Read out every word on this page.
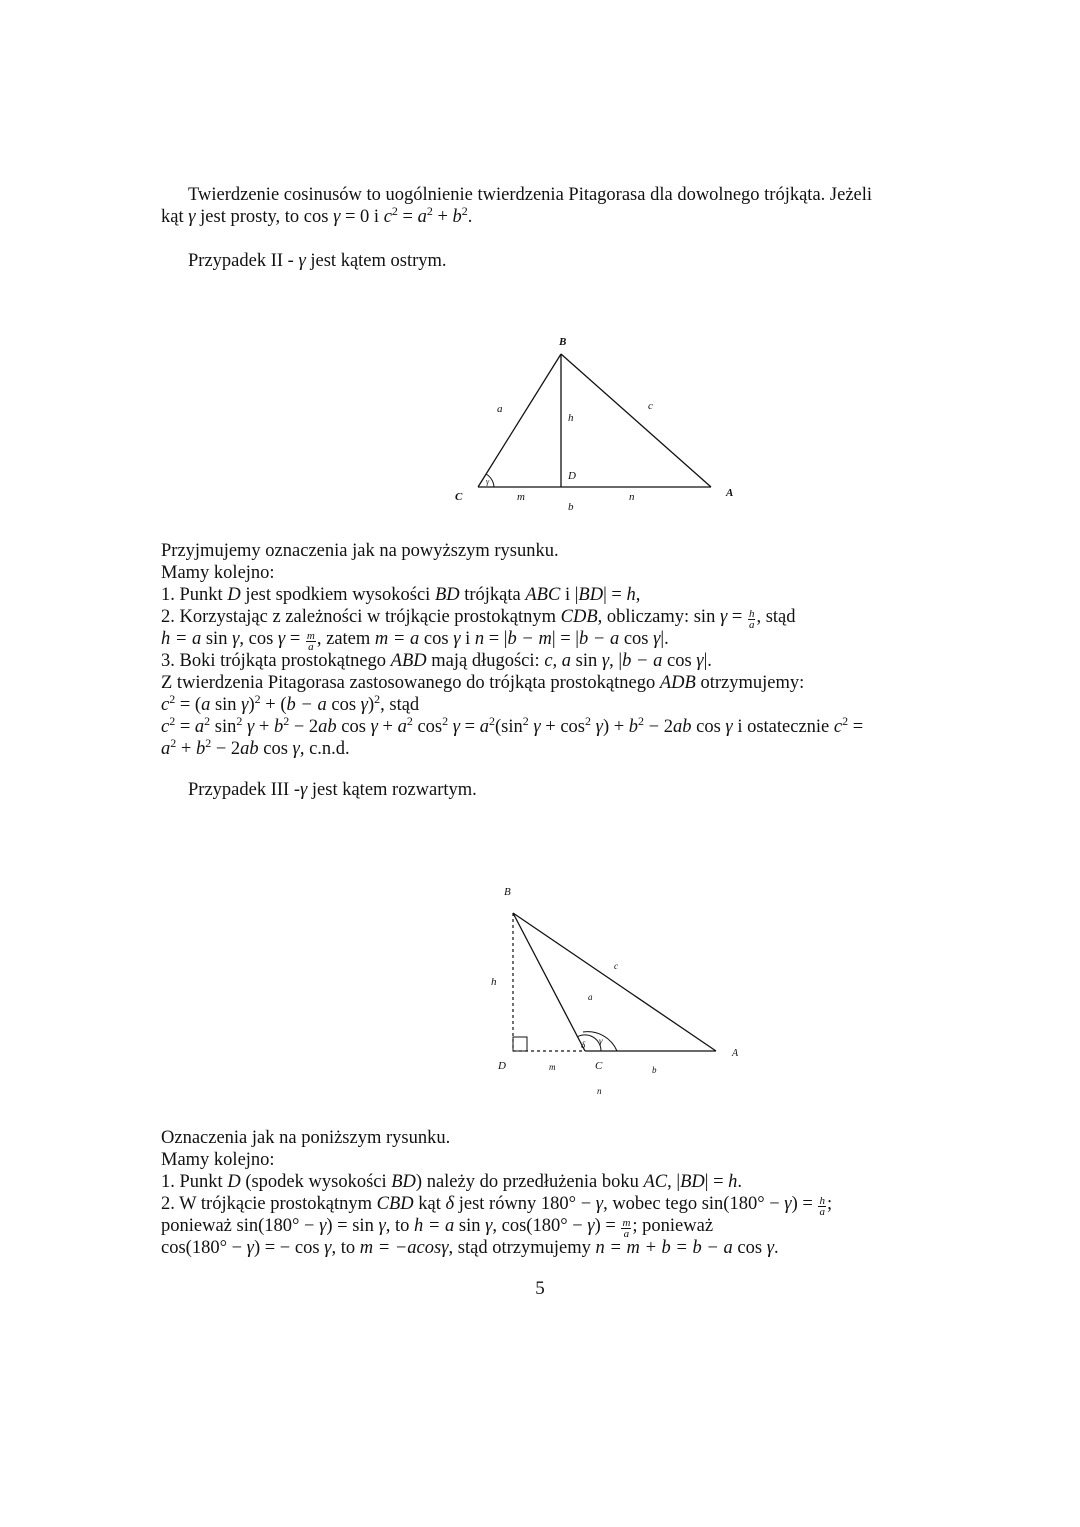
Twierdzenie cosinusów to uogólnienie twierdzenia Pitagorasa dla dowolnego trójkąta. Jeżeli
kąt γ jest prosty, to cos γ = 0 i $c^2 = a^2 + b^2$.
Przypadek II - γ jest kątem ostrym.
B
a
h
c
D
γ
C	m	n	A
b
Przyjmujemy oznaczenia jak na powyższym rysunku.
Mamy kolejno:
1. Punkt D jest spodkiem wysokości BD trójkąta ABC i |BD| = h,
2. Korzystając z zależności w trójkącie prostokątnym CDB, obliczamy: $\sin \gamma = \frac{h}{a}$ , stąd
h = a sin γ, $\cos \gamma = \frac{m}{a}$ , zatem m = a cos γ i n = |b − m| = |b − a cos γ|.
3. Boki trójkąta prostokątnego ABD mają długości: c, a sin γ, |b − a cos γ|.
Z twierdzenia Pitagorasa zastosowanego do trójkąta prostokątnego ADB otrzymujemy:
$c^2 = (a$ sin γ)$^2$ + (b − a cos γ)$^2$, stąd
$c^2 = a^2$ $\sin^2 \gamma + b^2 - 2ab$ $\cos \gamma + a^2$ $\cos^2 \gamma = a^2(\sin^2$ $\gamma + \cos^2 \gamma) + b^2 - 2ab$ cos γ i ostatecznie $c^2$ =
$a^2 + b^2 - 2ab$ cos γ, c.n.d.
Przypadek III -γ jest kątem rozwartym.
B
h
c
a
δ γ
D	m	C	b
A
n
Oznaczenia jak na poniższym rysunku.
Mamy kolejno:
1. Punkt D (spodek wysokości BD) należy do przedłużenia boku AC, |BD| = h.
2. W trójkącie prostokątnym CBD kąt δ jest równy 180° − γ, wobec tego $\sin(180^\circ - \gamma) = \frac{h}{a}$ ;
ponieważ sin(180° − γ) = sin γ, to h = a sin γ, $\cos(180^\circ - \gamma) = \frac{m}{a}$ ; ponieważ
cos(180° − γ) = − cos γ, to m = −acosγ, stąd otrzymujemy n = m + b = b − a cos γ.
5
